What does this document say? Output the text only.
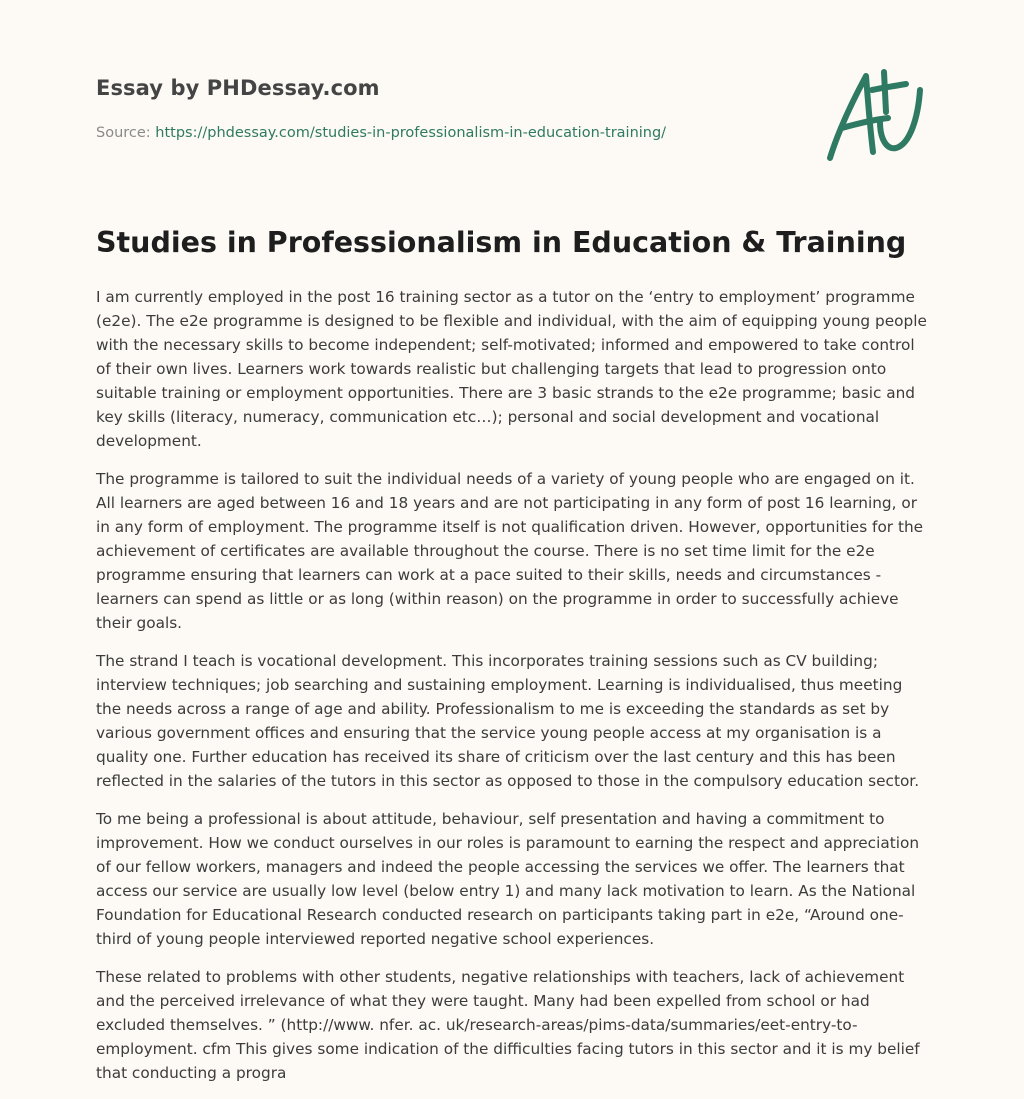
Essay by PHDessay.com
Source: https://phdessay.com/studies-in-professionalism-in-education-training/
Studies in Professionalism in Education & Training

I am currently employed in the post 16 training sector as a tutor on the ‘entry to employment’ programme (e2e). The e2e programme is designed to be flexible and individual, with the aim of equipping young people with the necessary skills to become independent; self-motivated; informed and empowered to take control of their own lives. Learners work towards realistic but challenging targets that lead to progression onto suitable training or employment opportunities. There are 3 basic strands to the e2e programme; basic and key skills (literacy, numeracy, communication etc…); personal and social development and vocational development.

The programme is tailored to suit the individual needs of a variety of young people who are engaged on it. All learners are aged between 16 and 18 years and are not participating in any form of post 16 learning, or in any form of employment. The programme itself is not qualification driven. However, opportunities for the achievement of certificates are available throughout the course. There is no set time limit for the e2e programme ensuring that learners can work at a pace suited to their skills, needs and circumstances - learners can spend as little or as long (within reason) on the programme in order to successfully achieve their goals.

The strand I teach is vocational development. This incorporates training sessions such as CV building; interview techniques; job searching and sustaining employment. Learning is individualised, thus meeting the needs across a range of age and ability. Professionalism to me is exceeding the standards as set by various government offices and ensuring that the service young people access at my organisation is a quality one. Further education has received its share of criticism over the last century and this has been reflected in the salaries of the tutors in this sector as opposed to those in the compulsory education sector.

To me being a professional is about attitude, behaviour, self presentation and having a commitment to improvement. How we conduct ourselves in our roles is paramount to earning the respect and appreciation of our fellow workers, managers and indeed the people accessing the services we offer. The learners that access our service are usually low level (below entry 1) and many lack motivation to learn. As the National Foundation for Educational Research conducted research on participants taking part in e2e, “Around one-third of young people interviewed reported negative school experiences.

These related to problems with other students, negative relationships with teachers, lack of achievement and the perceived irrelevance of what they were taught. Many had been expelled from school or had excluded themselves. ” (http://www. nfer. ac. uk/research-areas/pims-data/summaries/eet-entry-to-employment. cfm This gives some indication of the difficulties facing tutors in this sector and it is my belief that conducting a progra
